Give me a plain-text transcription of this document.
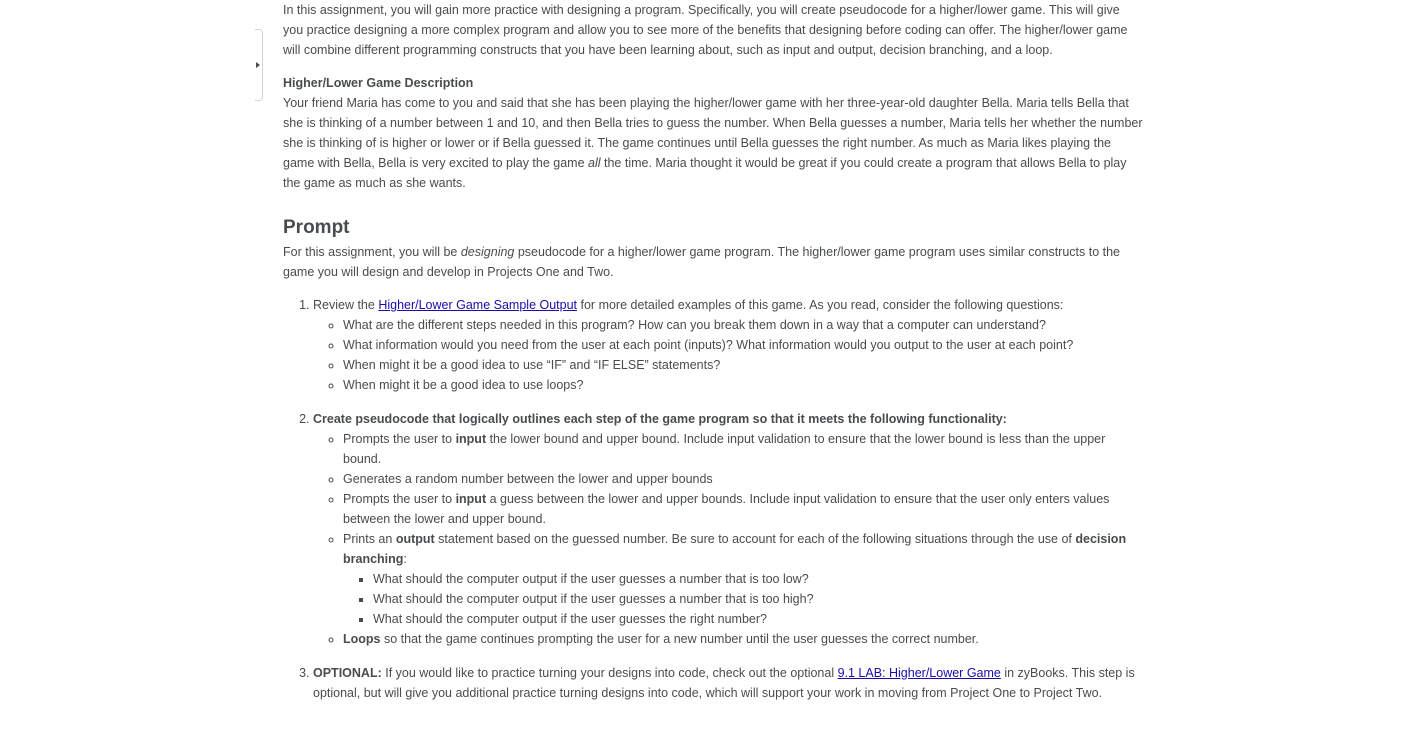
In this assignment, you will gain more practice with designing a program. Specifically, you will create pseudocode for a higher/lower game. This will give you practice designing a more complex program and allow you to see more of the benefits that designing before coding can offer. The higher/lower game will combine different programming constructs that you have been learning about, such as input and output, decision branching, and a loop.

Higher/Lower Game Description

Your friend Maria has come to you and said that she has been playing the higher/lower game with her three-year-old daughter Bella. Maria tells Bella that she is thinking of a number between 1 and 10, and then Bella tries to guess the number. When Bella guesses a number, Maria tells her whether the number she is thinking of is higher or lower or if Bella guessed it. The game continues until Bella guesses the right number. As much as Maria likes playing the game with Bella, Bella is very excited to play the game all the time. Maria thought it would be great if you could create a program that allows Bella to play the game as much as she wants.

Prompt

For this assignment, you will be designing pseudocode for a higher/lower game program. The higher/lower game program uses similar constructs to the game you will design and develop in Projects One and Two.

1. Review the Higher/Lower Game Sample Output for more detailed examples of this game. As you read, consider the following questions:
◦ What are the different steps needed in this program? How can you break them down in a way that a computer can understand?
◦ What information would you need from the user at each point (inputs)? What information would you output to the user at each point?
◦ When might it be a good idea to use “IF” and “IF ELSE” statements?
◦ When might it be a good idea to use loops?
2. Create pseudocode that logically outlines each step of the game program so that it meets the following functionality:
◦ Prompts the user to input the lower bound and upper bound. Include input validation to ensure that the lower bound is less than the upper bound.
◦ Generates a random number between the lower and upper bounds
◦ Prompts the user to input a guess between the lower and upper bounds. Include input validation to ensure that the user only enters values between the lower and upper bound.
◦ Prints an output statement based on the guessed number. Be sure to account for each of the following situations through the use of decision branching:
▪ What should the computer output if the user guesses a number that is too low?
▪ What should the computer output if the user guesses a number that is too high?
▪ What should the computer output if the user guesses the right number?
◦ Loops so that the game continues prompting the user for a new number until the user guesses the correct number.
3. OPTIONAL: If you would like to practice turning your designs into code, check out the optional 9.1 LAB: Higher/Lower Game in zyBooks. This step is optional, but will give you additional practice turning designs into code, which will support your work in moving from Project One to Project Two.
